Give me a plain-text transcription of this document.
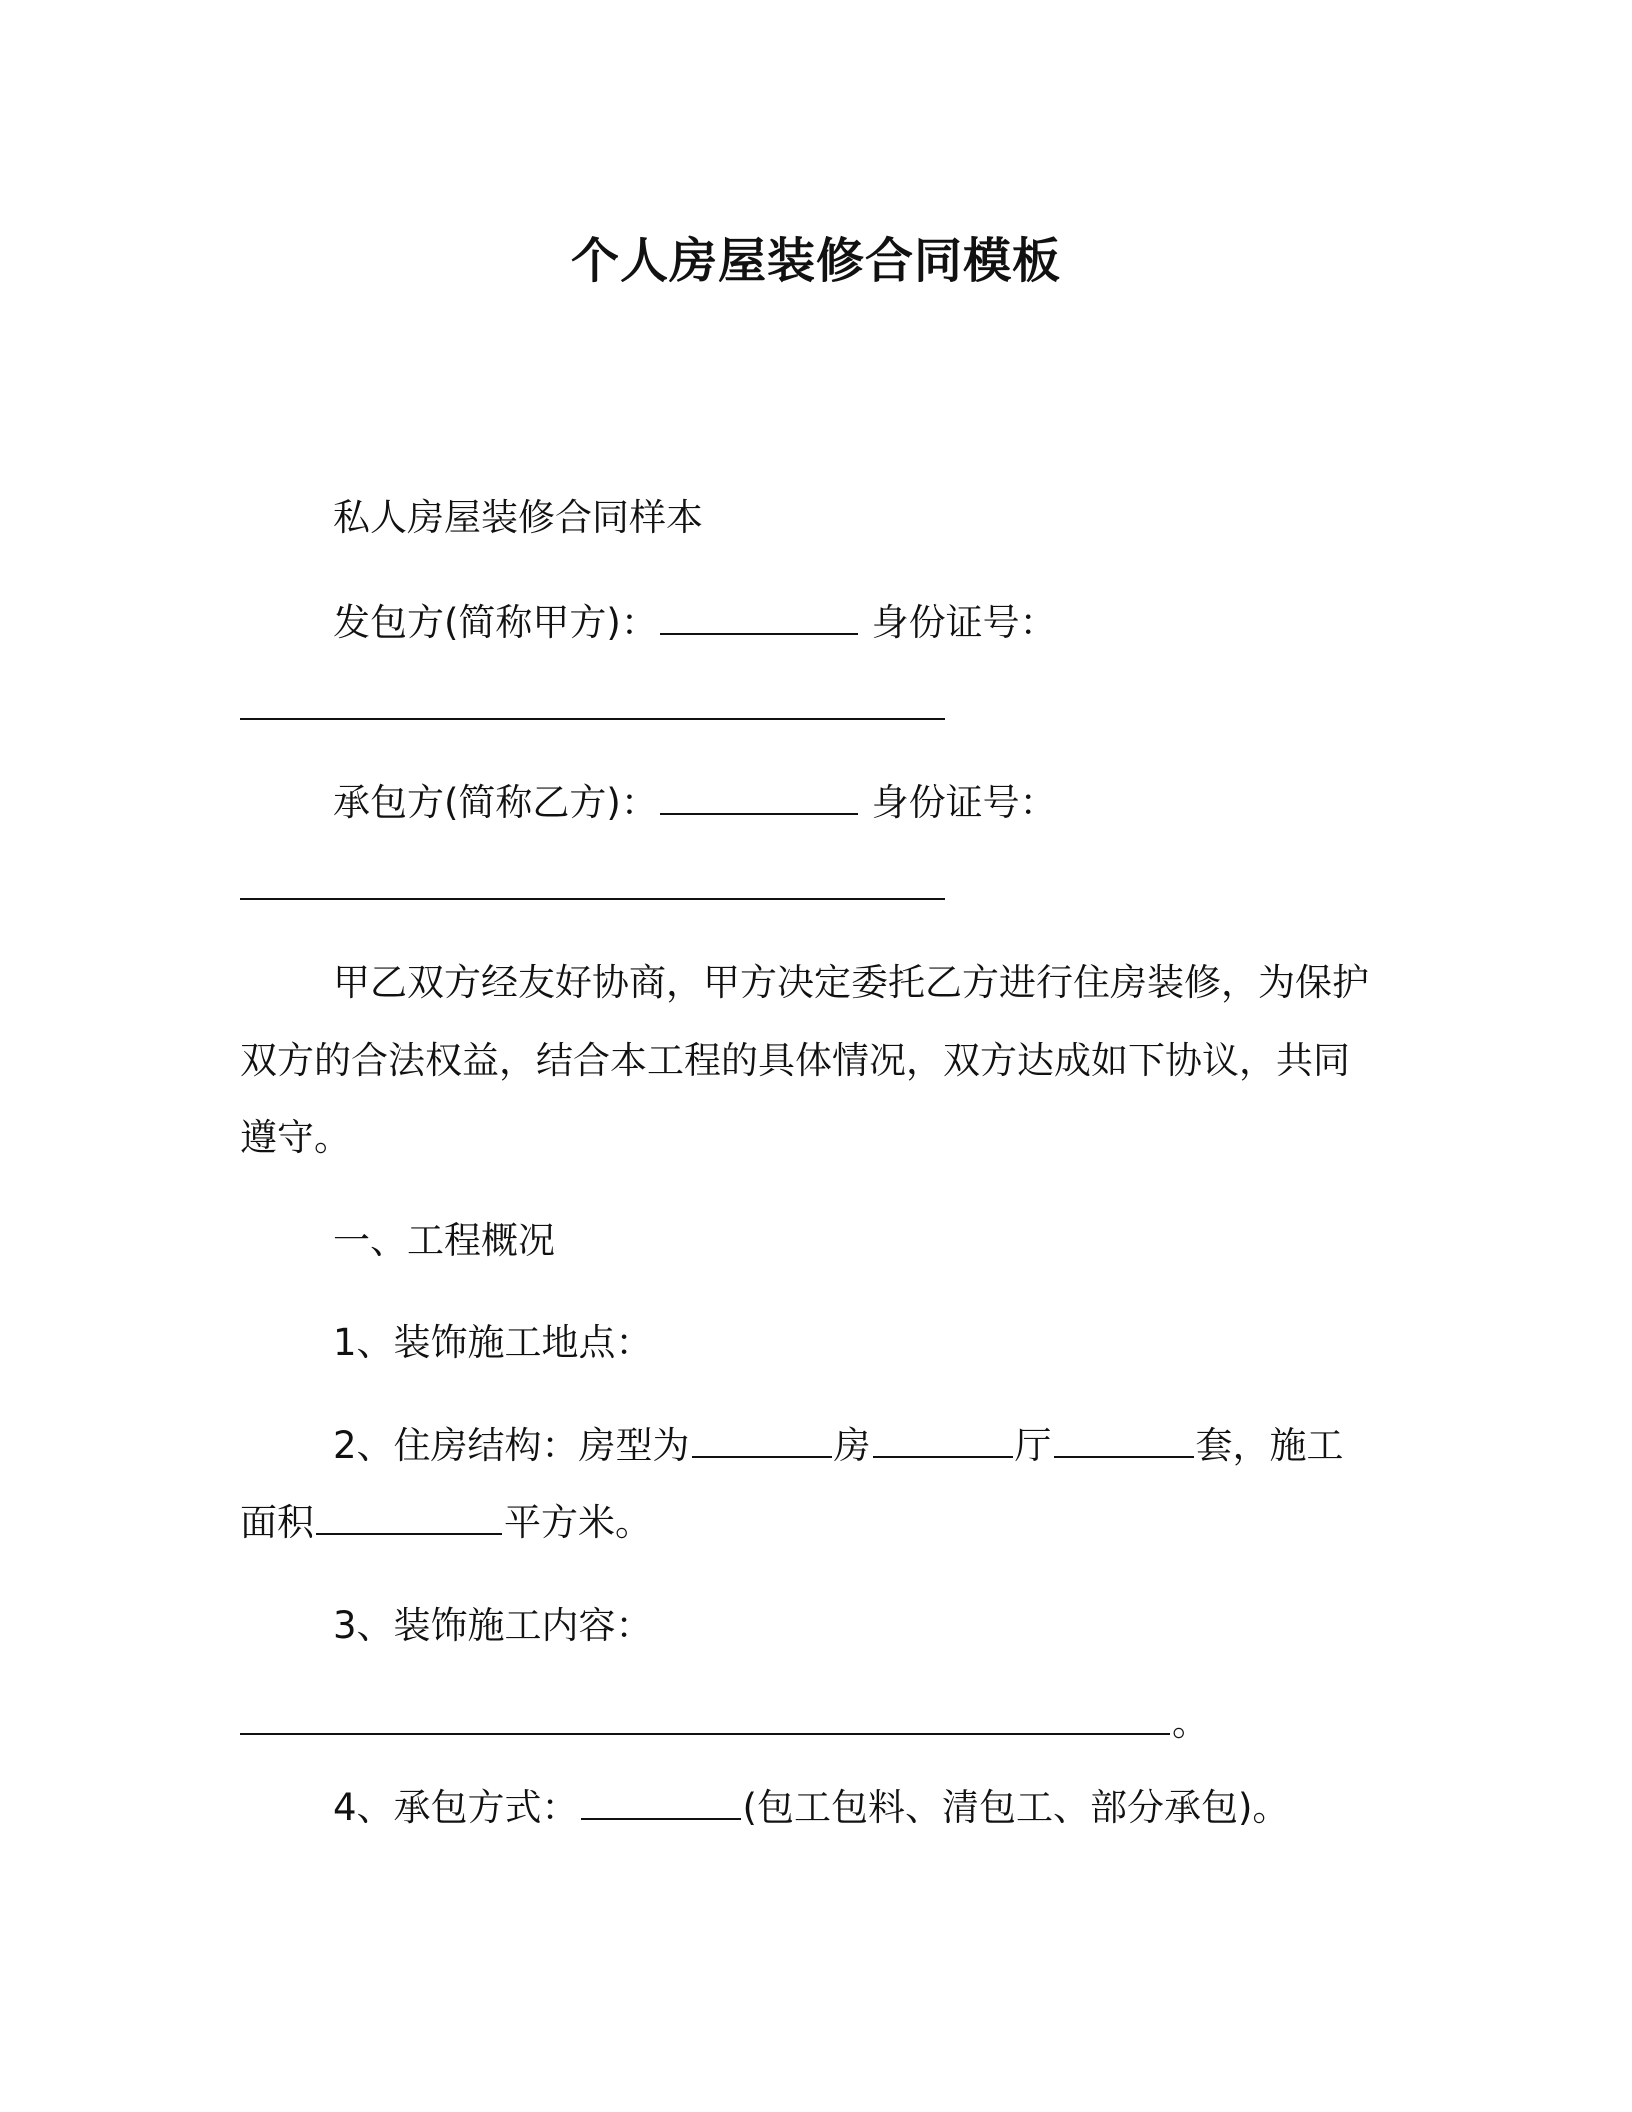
个人房屋装修合同模板
私人房屋装修合同样本
发包方(简称甲方)：	身份证号：
承包方(简称乙方)：	身份证号：
甲乙双方经友好协商，甲方决定委托乙方进行住房装修，为保护
双方的合法权益，结合本工程的具体情况，双方达成如下协议，共同
遵守。
一、工程概况
1、装饰施工地点：
2、住房结构：房型为	房	厅	套，施工
面积	平方米。
3、装饰施工内容：
。
4、承包方式：	(包工包料、清包工、部分承包)。
